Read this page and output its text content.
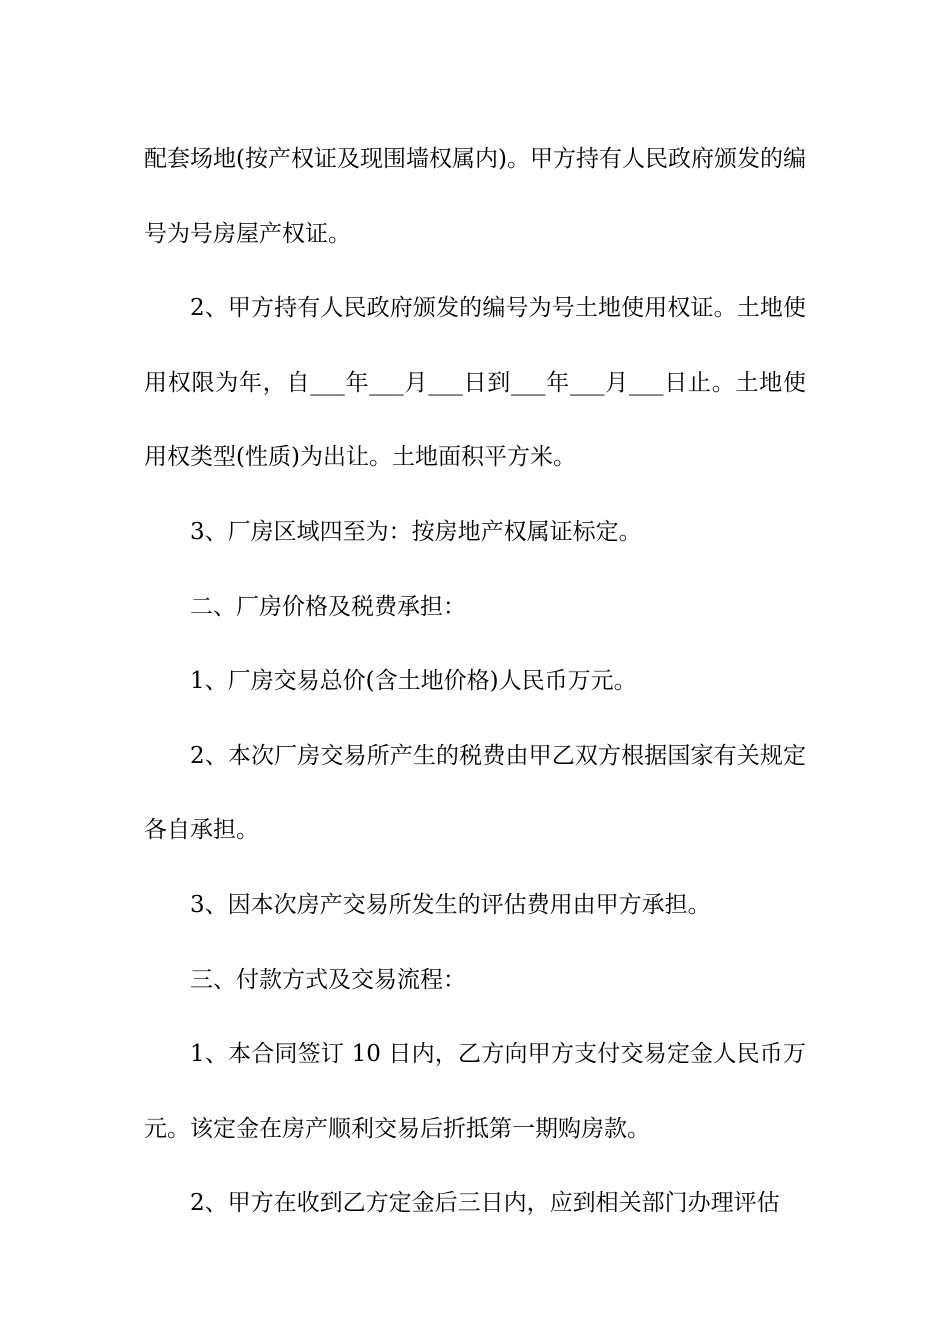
配套场地(按产权证及现围墙权属内)。甲方持有人民政府颁发的编号为号房屋产权证。

2、甲方持有人民政府颁发的编号为号土地使用权证。土地使用权限为年，自___年___月___日到___年___月___日止。土地使用权类型(性质)为出让。土地面积平方米。

3、厂房区域四至为：按房地产权属证标定。

二、厂房价格及税费承担：

1、厂房交易总价(含土地价格)人民币万元。

2、本次厂房交易所产生的税费由甲乙双方根据国家有关规定各自承担。

3、因本次房产交易所发生的评估费用由甲方承担。

三、付款方式及交易流程：

1、本合同签订 10 日内，乙方向甲方支付交易定金人民币万元。该定金在房产顺利交易后折抵第一期购房款。

2、甲方在收到乙方定金后三日内，应到相关部门办理评估
